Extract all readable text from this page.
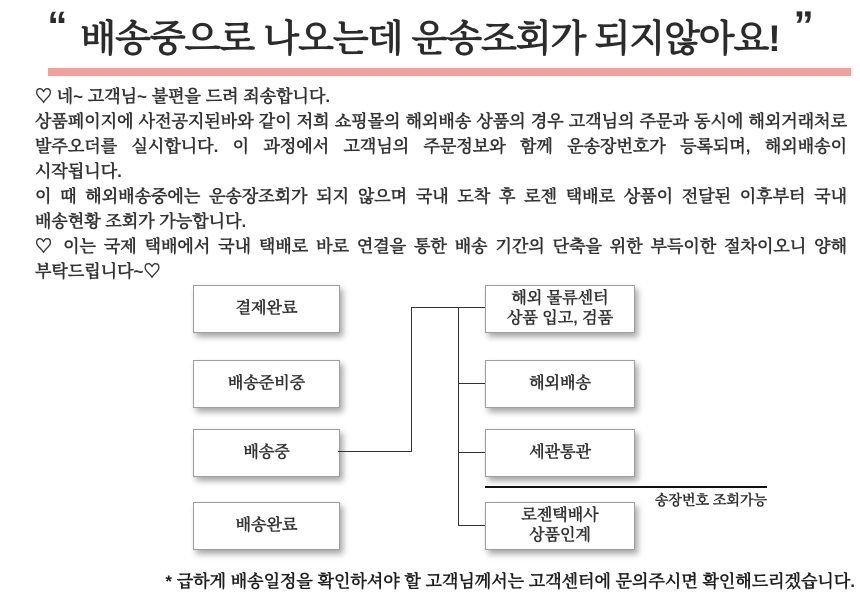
“ 배송중으로 나오는데 운송조회가 되지않아요! ”
♡ 네~ 고객님~ 불편을 드려 죄송합니다.
상품페이지에 사전공지된바와 같이 저희 쇼핑몰의 해외배송 상품의 경우 고객님의 주문과 동시에 해외거래처로
발주오더를 실시합니다. 이 과정에서 고객님의 주문정보와 함께 운송장번호가 등록되며, 해외배송이
시작됩니다.
이 때 해외배송중에는 운송장조회가 되지 않으며 국내 도착 후 로젠 택배로 상품이 전달된 이후부터 국내
배송현황 조회가 가능합니다.
♡ 이는 국제 택배에서 국내 택배로 바로 연결을 통한 배송 기간의 단축을 위한 부득이한 절차이오니 양해
부탁드립니다~♡
결제완료
배송준비중
배송중
배송완료
해외 물류센터
상품 입고, 검품
해외배송
세관통관
로젠택배사
상품인계
송장번호 조회가능
* 급하게 배송일정을 확인하셔야 할 고객님께서는 고객센터에 문의주시면 확인해드리겠습니다.
